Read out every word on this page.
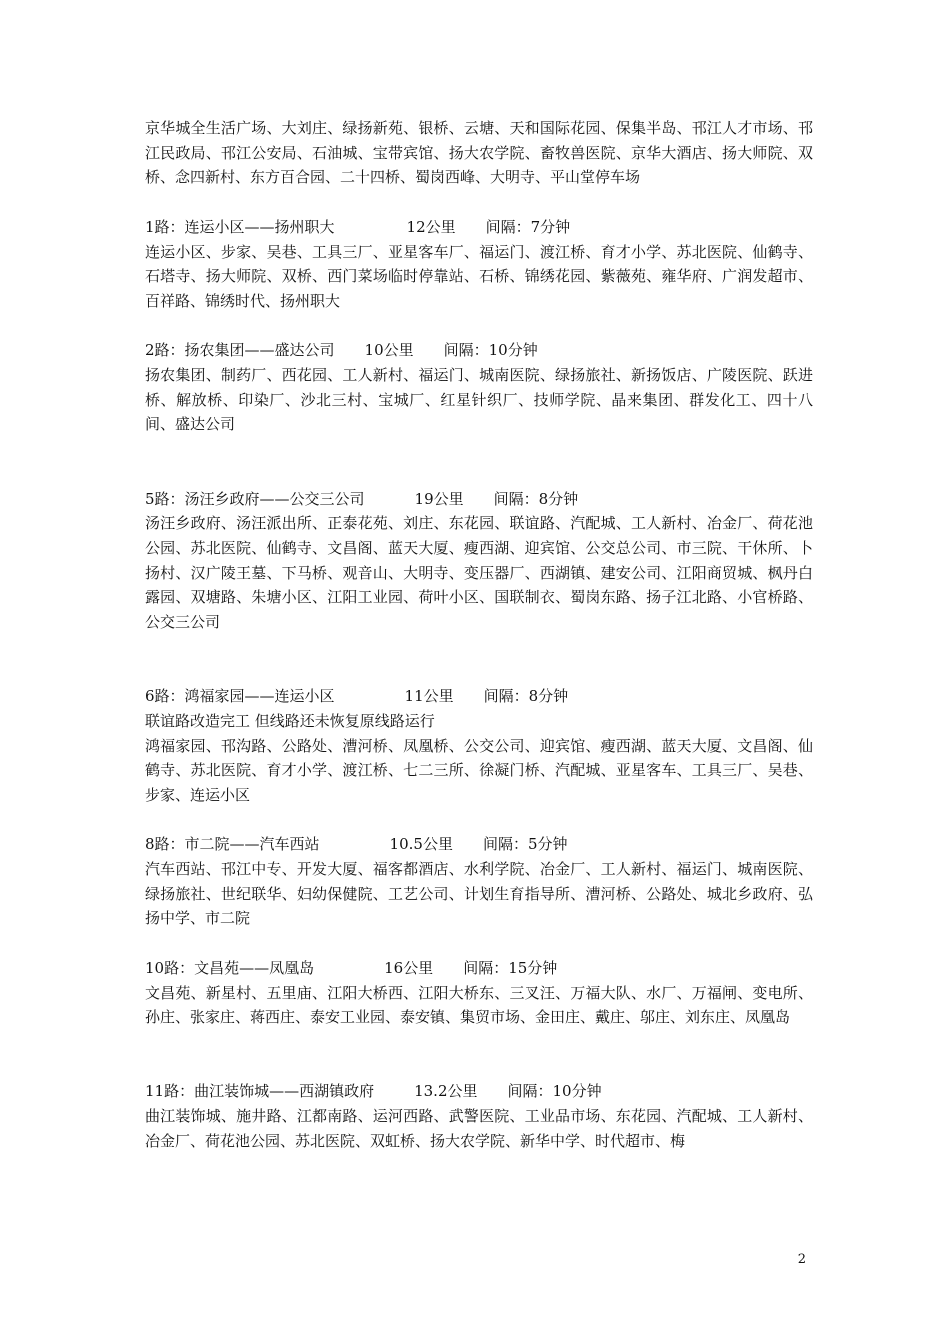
京华城全生活广场、大刘庄、绿扬新苑、银桥、云塘、天和国际花园、保集半岛、邗江人才市场、邗江民政局、邗江公安局、石油城、宝带宾馆、扬大农学院、畜牧兽医院、京华大酒店、扬大师院、双桥、念四新村、东方百合园、二十四桥、蜀岗西峰、大明寺、平山堂停车场

1路：连运小区——扬州职大	12公里 间隔：7分钟

连运小区、步家、吴巷、工具三厂、亚星客车厂、福运门、渡江桥、育才小学、苏北医院、仙鹤寺、石塔寺、扬大师院、双桥、西门菜场临时停靠站、石桥、锦绣花园、紫薇苑、雍华府、广润发超市、百祥路、锦绣时代、扬州职大

2路：扬农集团——盛达公司 10公里 间隔：10分钟

扬农集团、制药厂、西花园、工人新村、福运门、城南医院、绿扬旅社、新扬饭店、广陵医院、跃进桥、解放桥、印染厂、沙北三村、宝城厂、红星针织厂、技师学院、晶来集团、群发化工、四十八间、盛达公司

5路：汤汪乡政府——公交三公司	19公里 间隔：8分钟

汤汪乡政府、汤汪派出所、正泰花苑、刘庄、东花园、联谊路、汽配城、工人新村、冶金厂、荷花池公园、苏北医院、仙鹤寺、文昌阁、蓝天大厦、瘦西湖、迎宾馆、公交总公司、市三院、干休所、卜扬村、汉广陵王墓、下马桥、观音山、大明寺、变压器厂、西湖镇、建安公司、江阳商贸城、枫丹白露园、双塘路、朱塘小区、江阳工业园、荷叶小区、国联制衣、蜀岗东路、扬子江北路、小官桥路、公交三公司

6路：鸿福家园——连运小区	11公里 间隔：8分钟

联谊路改造完工 但线路还未恢复原线路运行

鸿福家园、邗沟路、公路处、漕河桥、凤凰桥、公交公司、迎宾馆、瘦西湖、蓝天大厦、文昌阁、仙鹤寺、苏北医院、育才小学、渡江桥、七二三所、徐凝门桥、汽配城、亚星客车、工具三厂、吴巷、步家、连运小区

8路：市二院——汽车西站	10.5公里 间隔：5分钟

汽车西站、邗江中专、开发大厦、福客都酒店、水利学院、冶金厂、工人新村、福运门、城南医院、绿扬旅社、世纪联华、妇幼保健院、工艺公司、计划生育指导所、漕河桥、公路处、城北乡政府、弘扬中学、市二院

10路：文昌苑——凤凰岛	16公里 间隔：15分钟

文昌苑、新星村、五里庙、江阳大桥西、江阳大桥东、三叉汪、万福大队、水厂、万福闸、变电所、孙庄、张家庄、蒋西庄、泰安工业园、泰安镇、集贸市场、金田庄、戴庄、邬庄、刘东庄、凤凰岛

11路：曲江装饰城——西湖镇政府	13.2公里 间隔：10分钟

曲江装饰城、施井路、江都南路、运河西路、武警医院、工业品市场、东花园、汽配城、工人新村、冶金厂、荷花池公园、苏北医院、双虹桥、扬大农学院、新华中学、时代超市、梅

2
